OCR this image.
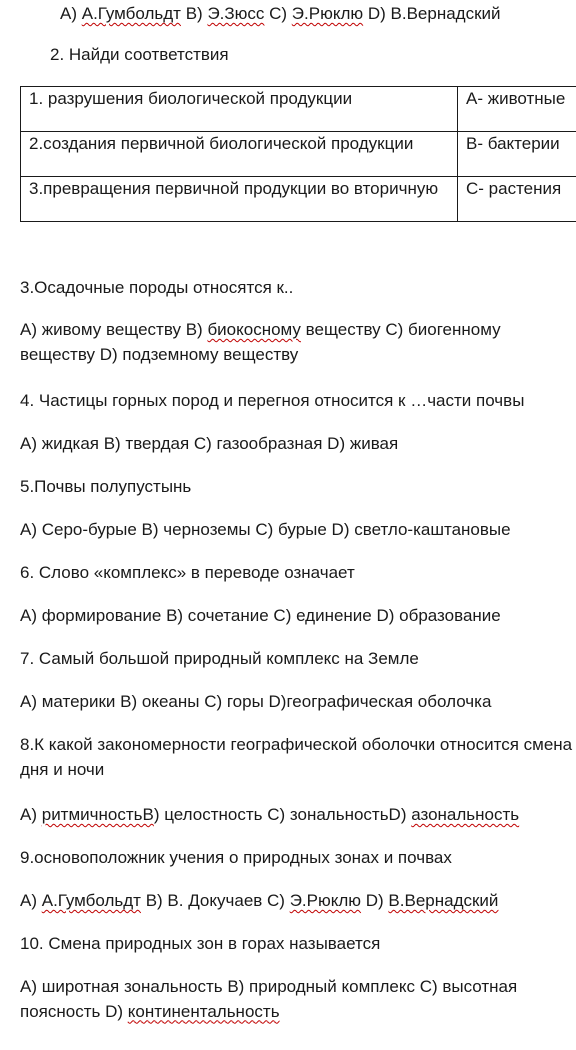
A) А.Гумбольдт B) Э.Зюсс C) Э.Рюклю D) В.Вернадский
2. Найди соответствия
1. разрушения биологической продукции	А- животные
2.создания первичной биологической продукции	В- бактерии
3.превращения первичной продукции во вторичную	С- растения
3.Осадочные породы относятся к..
А) живому веществу В) биокосному веществу С) биогенному веществу D) подземному веществу
4. Частицы горных пород и перегноя относится к …части почвы
А) жидкая В) твердая С) газообразная D) живая
5.Почвы полупустынь
А) Серо-бурые В) черноземы С) бурые D) светло-каштановые
6. Слово «комплекс» в переводе означает
А) формирование В) сочетание С) единение D) образование
7. Самый большой природный комплекс на Земле
А) материки В) океаны С) горы D)географическая оболочка
8.К какой закономерности географической оболочки относится смена дня и ночи
А) ритмичностьВ) целостность С) зональностьD) азональность
9.основоположник учения о природных зонах и почвах
А) А.Гумбольдт В) В. Докучаев С) Э.Рюклю D) В.Вернадский
10. Смена природных зон в горах называется
А) широтная зональность В) природный комплекс С) высотная поясность D) континентальность
